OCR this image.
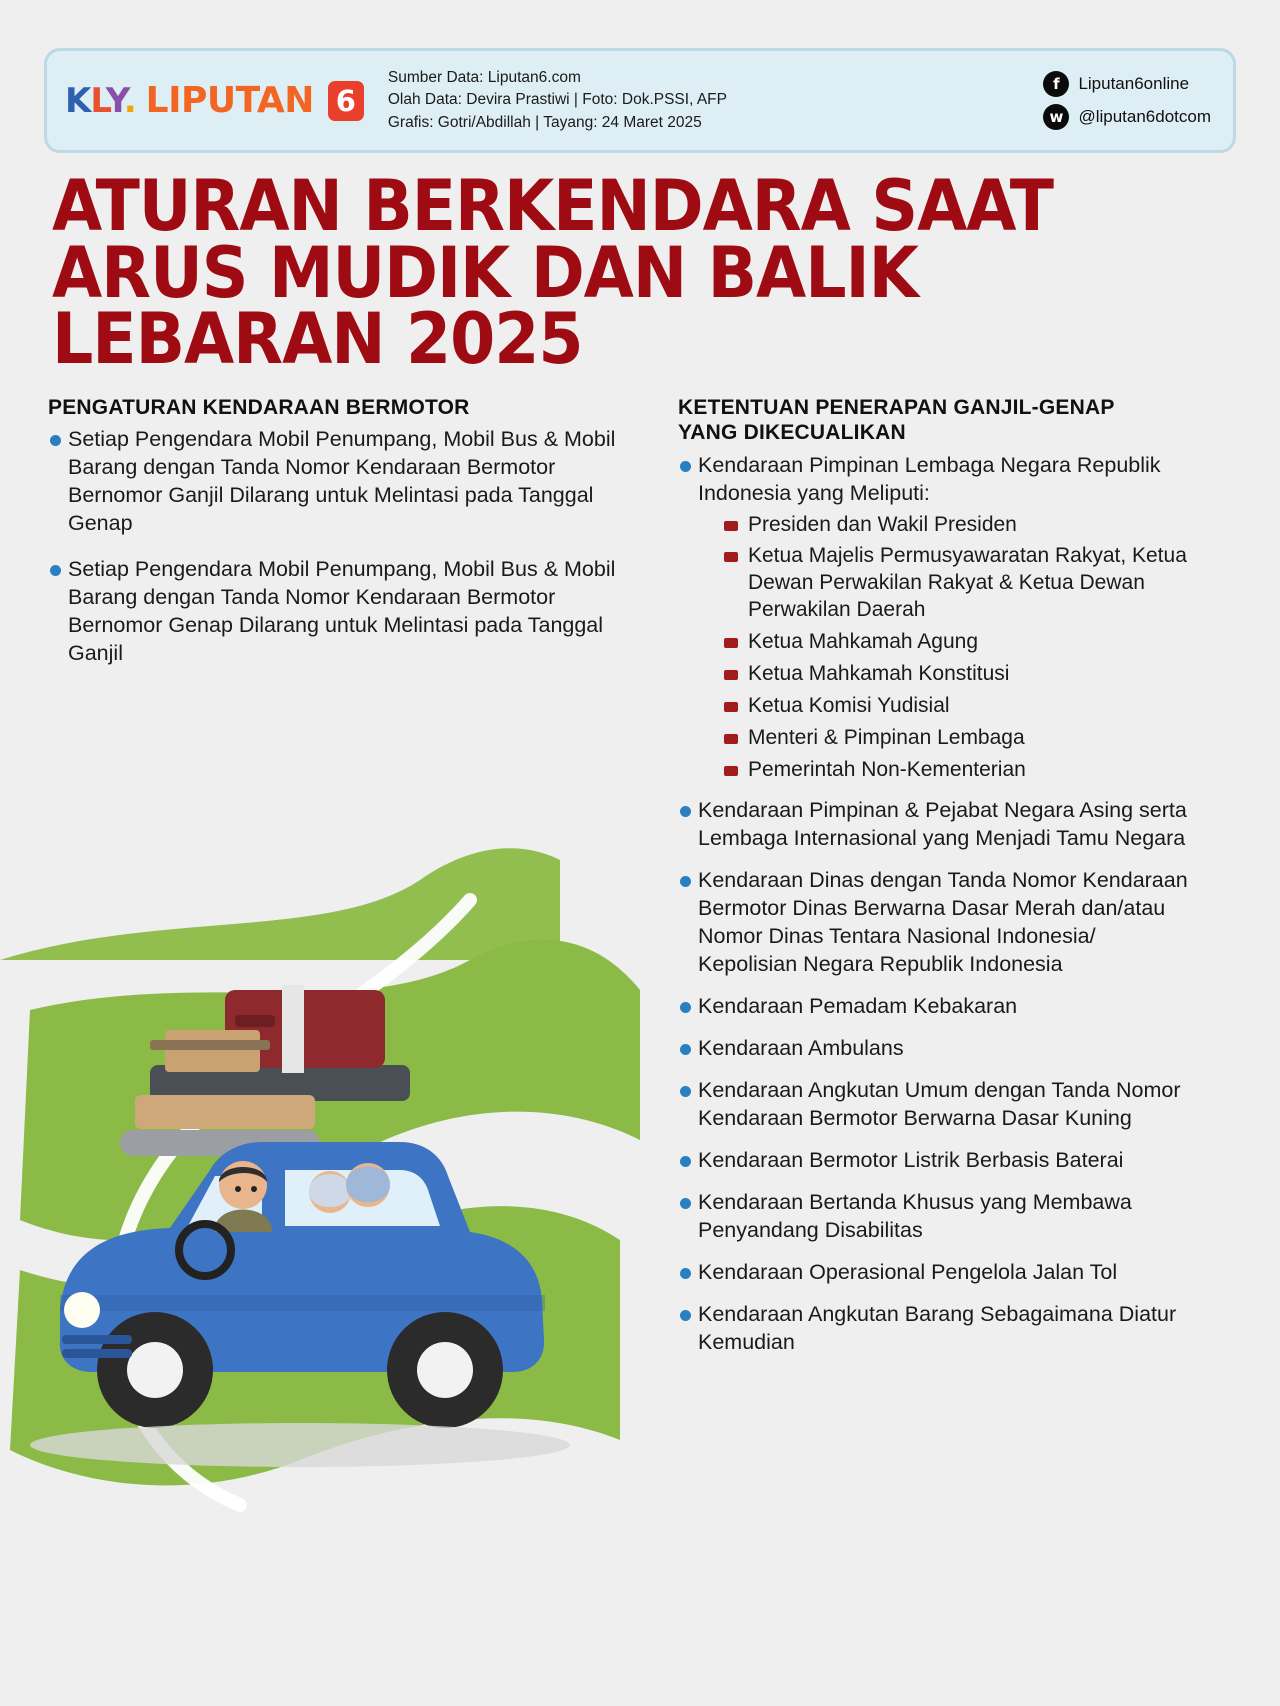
KLY. LIPUTAN 6
Sumber Data: Liputan6.com
Olah Data: Devira Prastiwi | Foto: Dok.PSSI, AFP
Grafis: Gotri/Abdillah | Tayang: 24 Maret 2025
f	Liputan6online
w @liputan6dotcom
ATURAN BERKENDARA SAAT
ARUS MUDIK DAN BALIK
LEBARAN 2025
PENGATURAN KENDARAAN BERMOTOR
Setiap Pengendara Mobil Penumpang, Mobil Bus & Mobil Barang dengan Tanda Nomor Kendaraan Bermotor Bernomor Ganjil Dilarang untuk Melintasi pada Tanggal Genap
Setiap Pengendara Mobil Penumpang, Mobil Bus & Mobil Barang dengan Tanda Nomor Kendaraan Bermotor Bernomor Genap Dilarang untuk Melintasi pada Tanggal Ganjil
KETENTUAN PENERAPAN GANJIL-GENAP
YANG DIKECUALIKAN
Kendaraan Pimpinan Lembaga Negara Republik Indonesia yang Meliputi:
Presiden dan Wakil Presiden
Ketua Majelis Permusyawaratan Rakyat, Ketua Dewan Perwakilan Rakyat & Ketua Dewan Perwakilan Daerah
Ketua Mahkamah Agung
Ketua Mahkamah Konstitusi
Ketua Komisi Yudisial
Menteri & Pimpinan Lembaga
Pemerintah Non-Kementerian
Kendaraan Pimpinan & Pejabat Negara Asing serta Lembaga Internasional yang Menjadi Tamu Negara
Kendaraan Dinas dengan Tanda Nomor Kendaraan Bermotor Dinas Berwarna Dasar Merah dan/atau Nomor Dinas Tentara Nasional Indonesia/ Kepolisian Negara Republik Indonesia
Kendaraan Pemadam Kebakaran
Kendaraan Ambulans
Kendaraan Angkutan Umum dengan Tanda Nomor Kendaraan Bermotor Berwarna Dasar Kuning
Kendaraan Bermotor Listrik Berbasis Baterai
Kendaraan Bertanda Khusus yang Membawa Penyandang Disabilitas
Kendaraan Operasional Pengelola Jalan Tol
Kendaraan Angkutan Barang Sebagaimana Diatur Kemudian
